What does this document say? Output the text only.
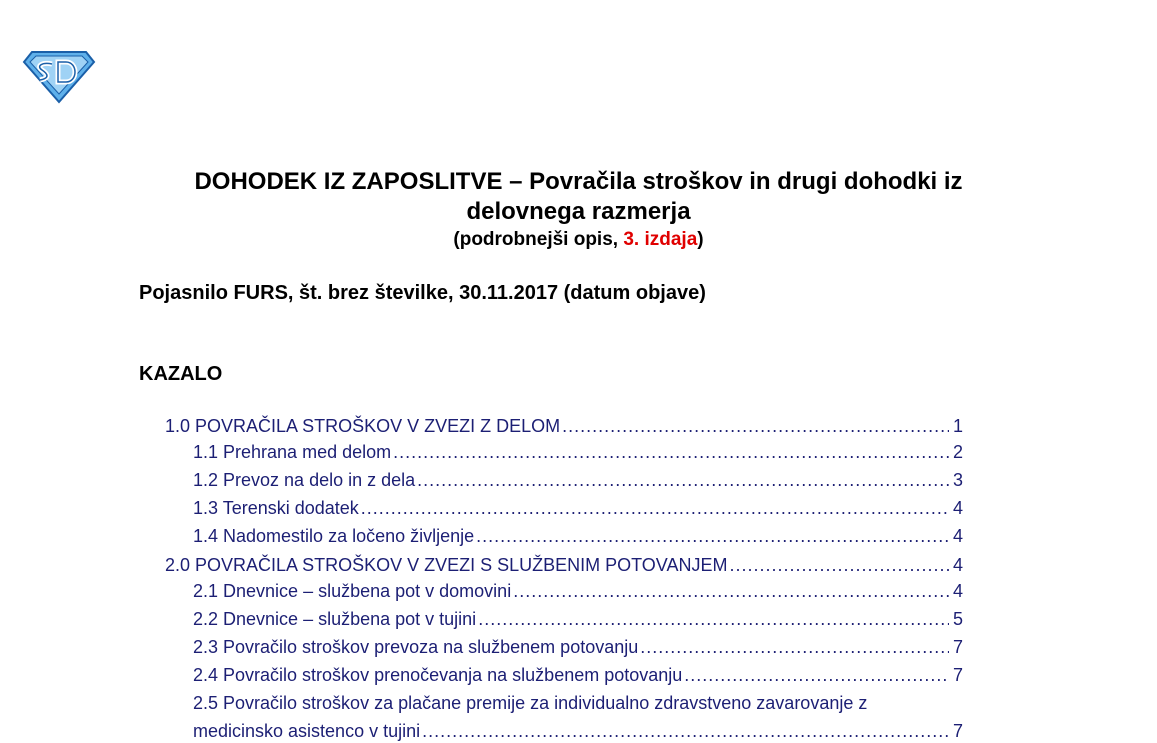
DOHODEK IZ ZAPOSLITVE – Povračila stroškov in drugi dohodki iz
delovnega razmerja
(podrobnejši opis, 3. izdaja)
Pojasnilo FURS, št. brez številke, 30.11.2017 (datum objave)
KAZALO
1.0 POVRAČILA STROŠKOV V ZVEZI Z DELOM .....	1
1.1 Prehrana med delom .....	2
1.2 Prevoz na delo in z dela .....	3
1.3 Terenski dodatek .....	4
1.4 Nadomestilo za ločeno življenje .....	4
2.0 POVRAČILA STROŠKOV V ZVEZI S SLUŽBENIM POTOVANJEM .....	4
2.1 Dnevnice – službena pot v domovini .....	4
2.2 Dnevnice – službena pot v tujini .....	5
2.3 Povračilo stroškov prevoza na službenem potovanju .....	7
2.4 Povračilo stroškov prenočevanja na službenem potovanju .....	7
2.5 Povračilo stroškov za plačane premije za individualno zdravstveno zavarovanje z
medicinsko asistenco v tujini .....	7
